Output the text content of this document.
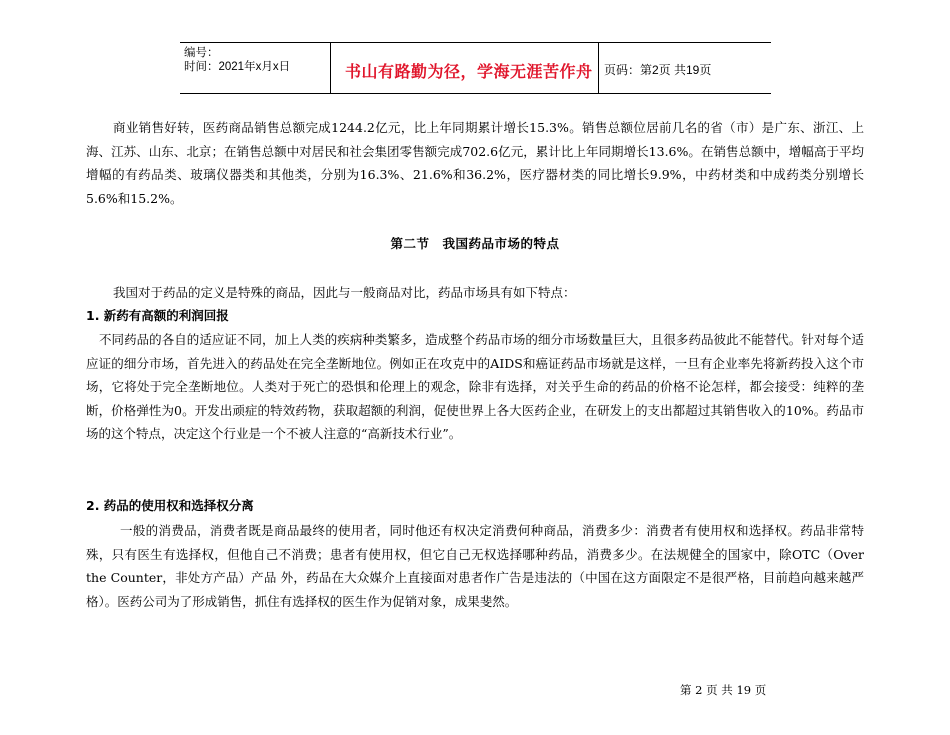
编号：
时间：2021年x月x日	书山有路勤为径，学海无涯苦作舟 页码：第2页 共19页
商业销售好转，医药商品销售总额完成1244.2亿元，比上年同期累计增长15.3%。销售总额位居前几名的省（市）是广东、浙江、上海、江苏、山东、北京；在销售总额中对居民和社会集团零售额完成702.6亿元，累计比上年同期增长13.6%。在销售总额中，增幅高于平均增幅的有药品类、玻璃仪器类和其他类，分别为16.3%、21.6%和36.2%，医疗器材类的同比增长9.9%，中药材类和中成药类分别增长5.6%和15.2%。
第二节　我国药品市场的特点
我国对于药品的定义是特殊的商品，因此与一般商品对比，药品市场具有如下特点：
1. 新药有高额的利润回报
不同药品的各自的适应证不同，加上人类的疾病种类繁多，造成整个药品市场的细分市场数量巨大，且很多药品彼此不能替代。针对每个适应证的细分市场，首先进入的药品处在完全垄断地位。例如正在攻克中的AIDS和癌证药品市场就是这样，一旦有企业率先将新药投入这个市场，它将处于完全垄断地位。人类对于死亡的恐惧和伦理上的观念，除非有选择，对关乎生命的药品的价格不论怎样，都会接受：纯粹的垄断，价格弹性为0。开发出顽症的特效药物，获取超额的利润，促使世界上各大医药企业，在研发上的支出都超过其销售收入的10%。药品市场的这个特点，决定这个行业是一个不被人注意的“高新技术行业”。
2. 药品的使用权和选择权分离
一般的消费品，消费者既是商品最终的使用者，同时他还有权决定消费何种商品，消费多少：消费者有使用权和选择权。药品非常特殊，只有医生有选择权，但他自己不消费；患者有使用权，但它自己无权选择哪种药品，消费多少。在法规健全的国家中，除OTC（Over the Counter，非处方产品）产品 外，药品在大众媒介上直接面对患者作广告是违法的（中国在这方面限定不是很严格，目前趋向越来越严格）。医药公司为了形成销售，抓住有选择权的医生作为促销对象，成果斐然。
第 2 页 共 19 页
